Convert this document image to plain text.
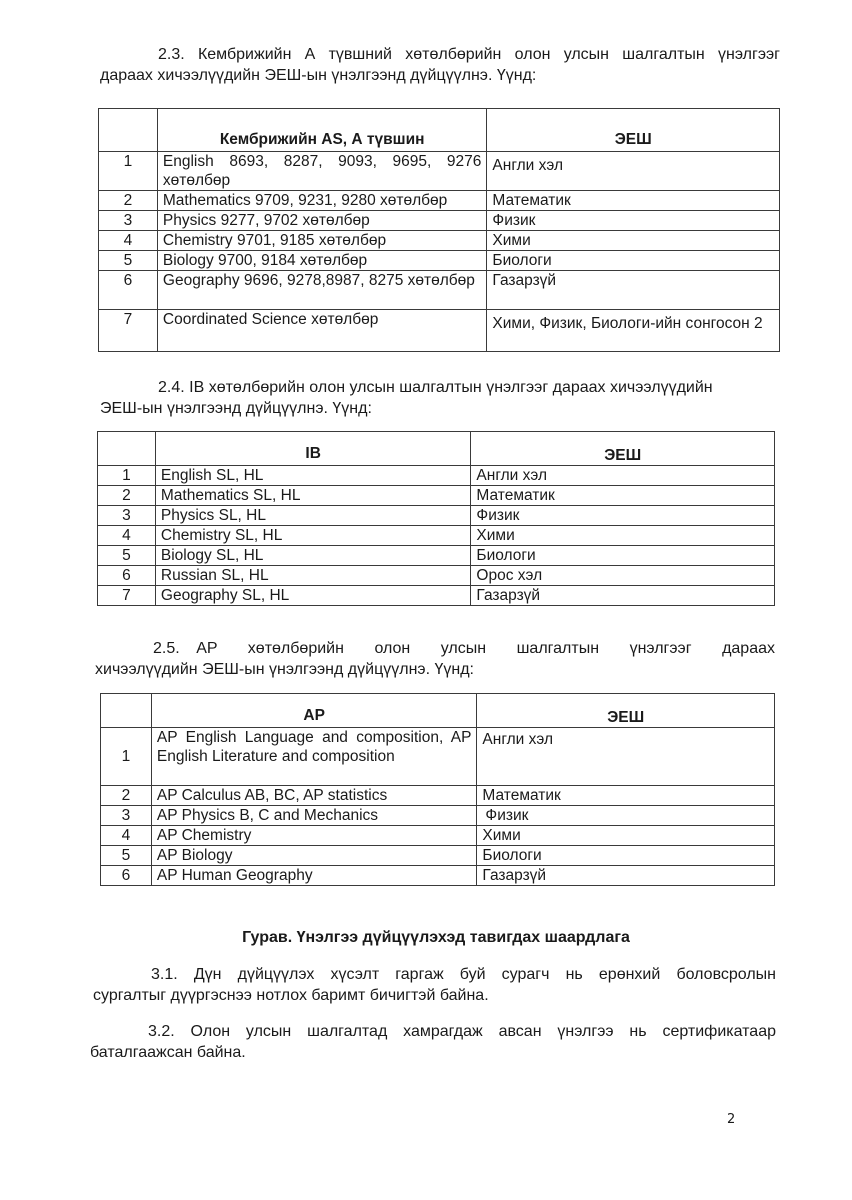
2.3. Кембрижийн А түвшний хөтөлбөрийн олон улсын шалгалтын үнэлгээг
дараах хичээлүүдийн ЭЕШ-ын үнэлгээнд дүйцүүлнэ. Үүнд:
	Кембрижийн AS, А түвшин	ЭЕШ
1	English 8693, 8287, 9093, 9695, 9276 хөтөлбөр	Англи хэл
2	Mathematics 9709, 9231, 9280 хөтөлбөр	Математик
3	Physics 9277, 9702 хөтөлбөр	Физик
4	Chemistry 9701, 9185 хөтөлбөр	Хими
5	Biology 9700, 9184 хөтөлбөр	Биологи
6	Geography 9696, 9278,8987, 8275 хөтөлбөр	Газарзүй
7	Coordinated Science хөтөлбөр	Хими, Физик, Биологи-ийн сонгосон 2
2.4. IB хөтөлбөрийн олон улсын шалгалтын үнэлгээг дараах хичээлүүдийн
ЭЕШ-ын үнэлгээнд дүйцүүлнэ. Үүнд:
	IB	ЭЕШ
1	English SL, HL	Англи хэл
2	Mathematics SL, HL	Математик
3	Physics SL, HL	Физик
4	Chemistry SL, HL	Хими
5	Biology SL, HL	Биологи
6	Russian SL, HL	Орос хэл
7	Geography SL, HL	Газарзүй
2.5. AP хөтөлбөрийн олон улсын шалгалтын үнэлгээг дараах
хичээлүүдийн ЭЕШ-ын үнэлгээнд дүйцүүлнэ. Үүнд:
	AP	ЭЕШ
1	AP English Language and composition, AP English Literature and composition	Англи хэл
2	AP Calculus AB, BC, AP statistics	Математик
3	AP Physics B, C and Mechanics	Физик
4	AP Chemistry	Хими
5	AP Biology	Биологи
6	AP Human Geography	Газарзүй
Гурав. Үнэлгээ дүйцүүлэхэд тавигдах шаардлага
3.1. Дүн дүйцүүлэх хүсэлт гаргаж буй сурагч нь ерөнхий боловсролын
сургалтыг дүүргэснээ нотлох баримт бичигтэй байна.
3.2. Олон улсын шалгалтад хамрагдаж авсан үнэлгээ нь сертификатаар
баталгаажсан байна.
2
